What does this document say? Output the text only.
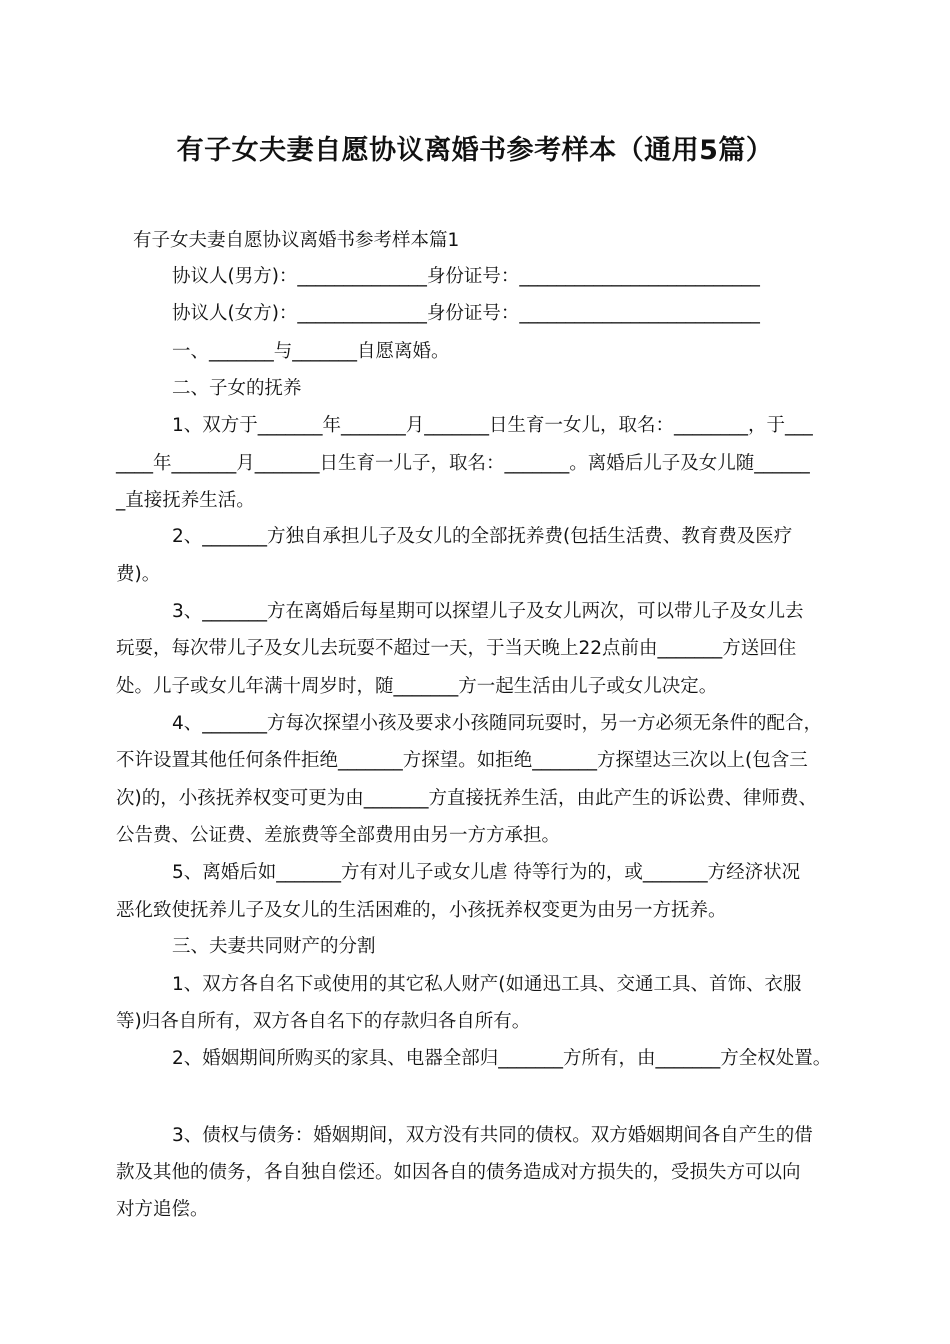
有子女夫妻自愿协议离婚书参考样本（通用5篇）
有子女夫妻自愿协议离婚书参考样本篇1
协议人(男方)：______________身份证号：__________________________
协议人(女方)：______________身份证号：__________________________
一、_______与_______自愿离婚。
二、子女的抚养
1、双方于_______年_______月_______日生育一女儿，取名：________，于___
____年_______月_______日生育一儿子，取名：_______。离婚后儿子及女儿随______
_直接抚养生活。
2、_______方独自承担儿子及女儿的全部抚养费(包括生活费、教育费及医疗
费)。
3、_______方在离婚后每星期可以探望儿子及女儿两次，可以带儿子及女儿去
玩耍，每次带儿子及女儿去玩耍不超过一天，于当天晚上22点前由_______方送回住
处。儿子或女儿年满十周岁时，随_______方一起生活由儿子或女儿决定。
4、_______方每次探望小孩及要求小孩随同玩耍时，另一方必须无条件的配合，
不许设置其他任何条件拒绝_______方探望。如拒绝_______方探望达三次以上(包含三
次)的，小孩抚养权变可更为由_______方直接抚养生活，由此产生的诉讼费、律师费、
公告费、公证费、差旅费等全部费用由另一方方承担。
5、离婚后如_______方有对儿子或女儿虐 待等行为的，或_______方经济状况
恶化致使抚养儿子及女儿的生活困难的，小孩抚养权变更为由另一方抚养。
三、夫妻共同财产的分割
1、双方各自名下或使用的其它私人财产(如通迅工具、交通工具、首饰、衣服
等)归各自所有，双方各自名下的存款归各自所有。
2、婚姻期间所购买的家具、电器全部归_______方所有，由_______方全权处置。
3、债权与债务：婚姻期间，双方没有共同的债权。双方婚姻期间各自产生的借
款及其他的债务，各自独自偿还。如因各自的债务造成对方损失的，受损失方可以向
对方追偿。
